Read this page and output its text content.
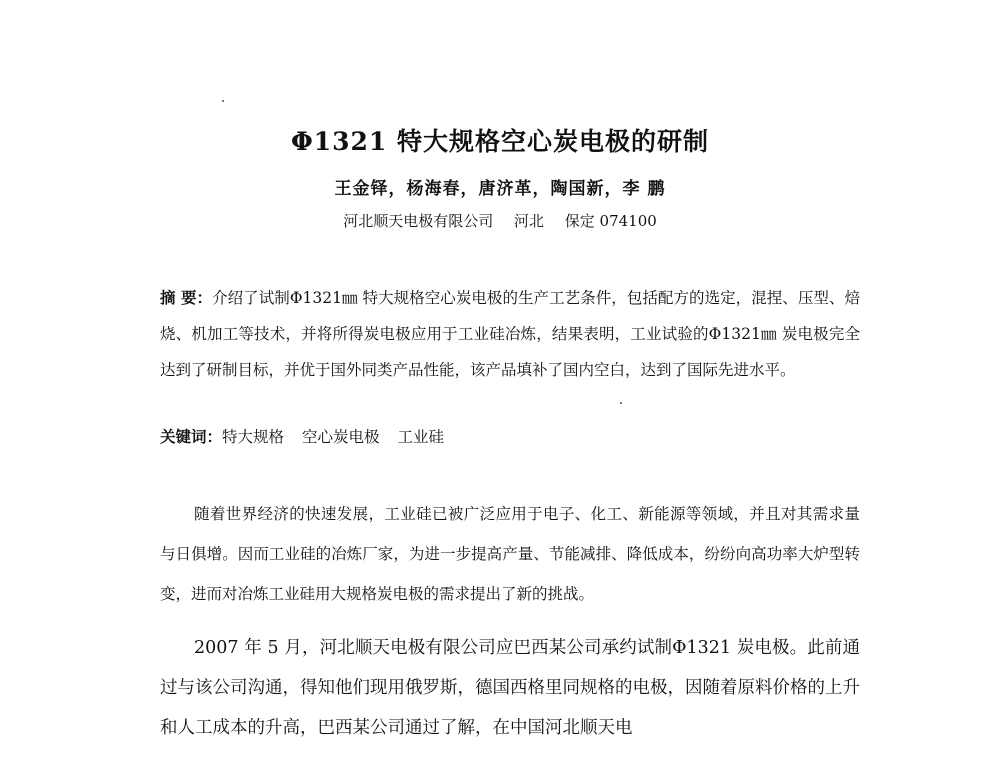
Φ1321 特大规格空心炭电极的研制
王金铎，杨海春，唐济革，陶国新，李 鹏
河北顺天电极有限公司 河北 保定 074100
摘 要：介绍了试制Φ1321㎜ 特大规格空心炭电极的生产工艺条件，包括配方的选定，混捏、压型、焙烧、机加工等技术，并将所得炭电极应用于工业硅冶炼，结果表明，工业试验的Φ1321㎜ 炭电极完全达到了研制目标，并优于国外同类产品性能，该产品填补了国内空白，达到了国际先进水平。
关键词：特大规格 空心炭电极 工业硅
随着世界经济的快速发展，工业硅已被广泛应用于电子、化工、新能源等领域，并且对其需求量与日俱增。因而工业硅的冶炼厂家，为进一步提高产量、节能减排、降低成本，纷纷向高功率大炉型转变，进而对冶炼工业硅用大规格炭电极的需求提出了新的挑战。
2007 年 5 月，河北顺天电极有限公司应巴西某公司承约试制Φ1321 炭电极。此前通过与该公司沟通，得知他们现用俄罗斯，德国西格里同规格的电极，因随着原料价格的上升和人工成本的升高，巴西某公司通过了解，在中国河北顺天电
